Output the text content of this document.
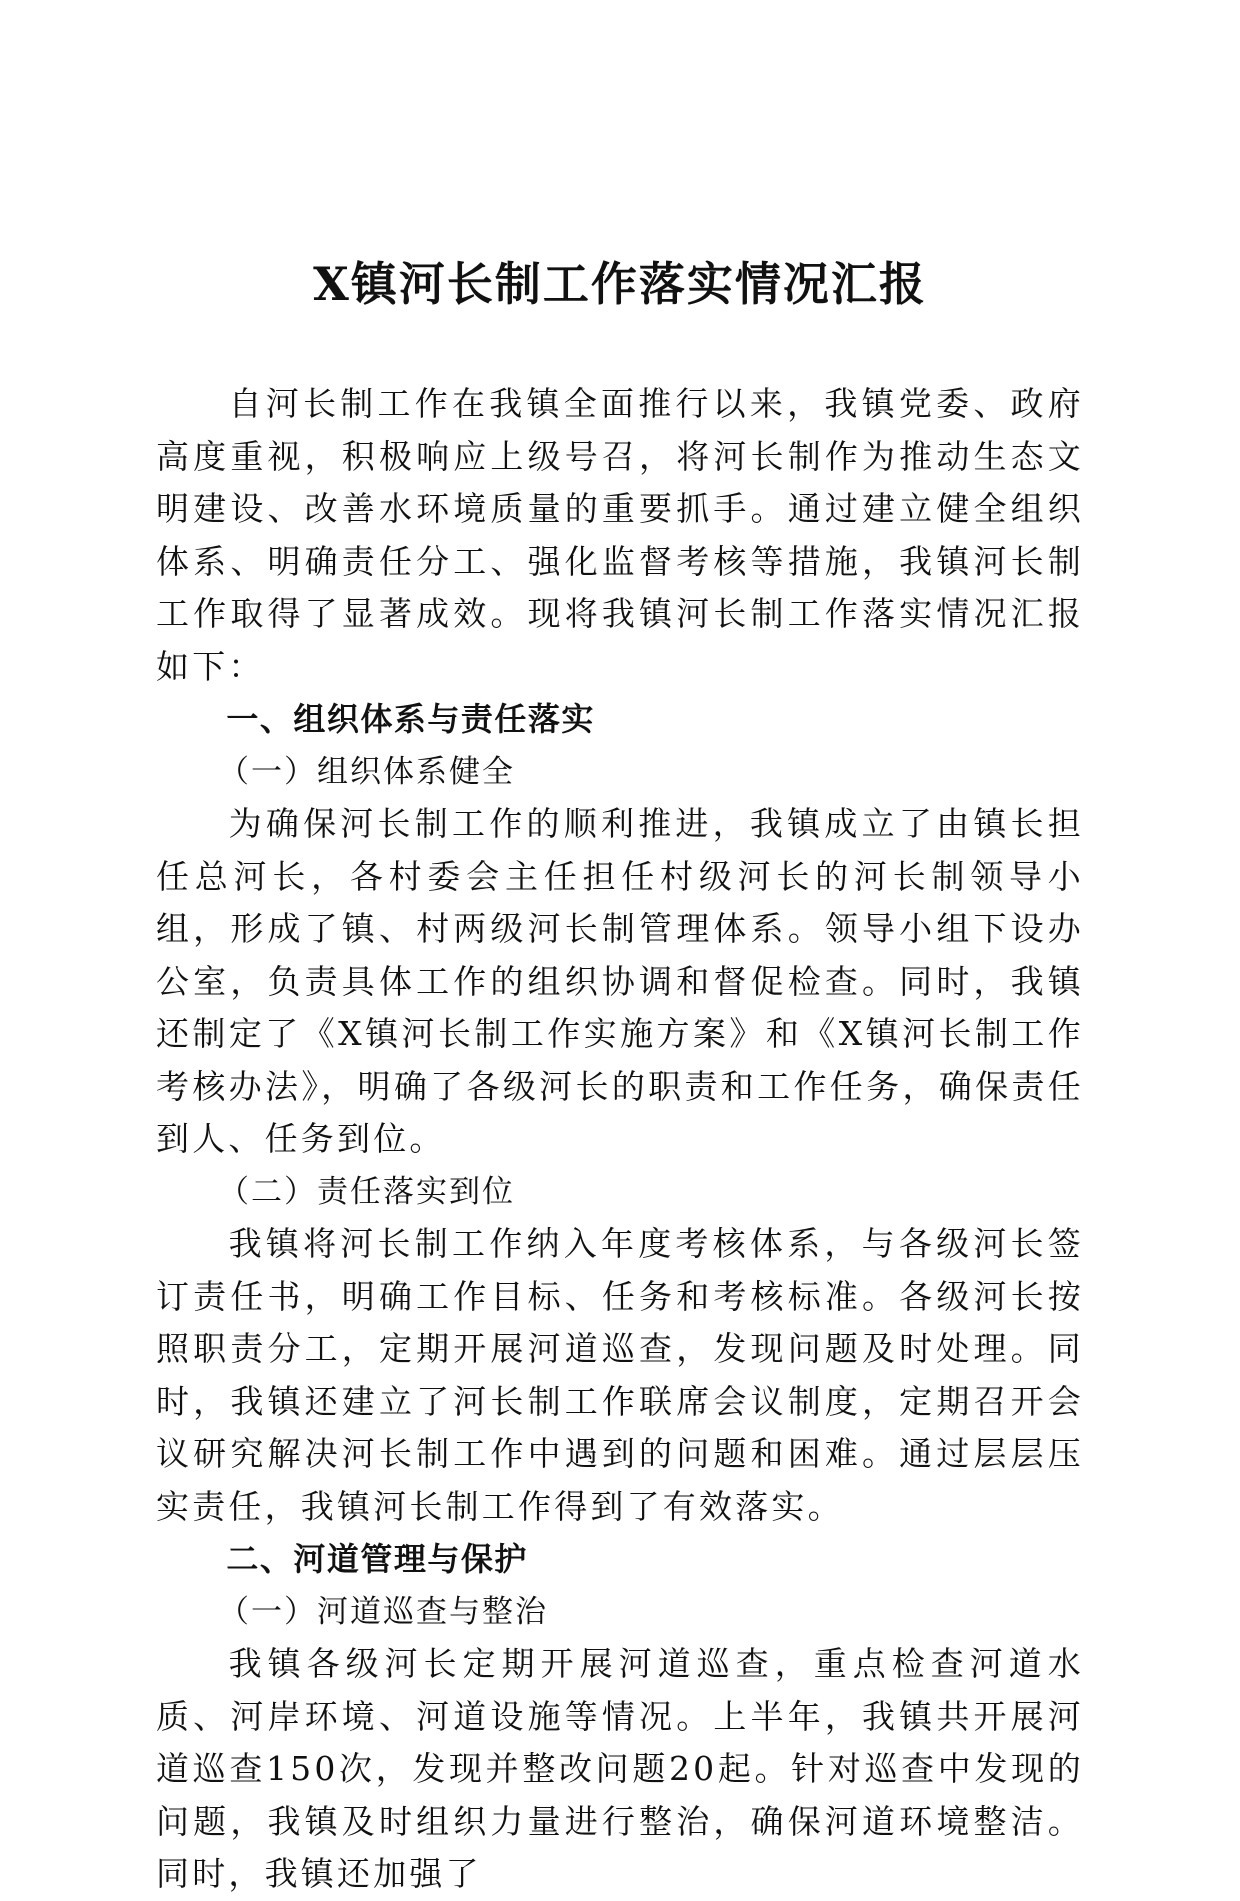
X镇河长制工作落实情况汇报

自河长制工作在我镇全面推行以来，我镇党委、政府高度重视，积极响应上级号召，将河长制作为推动生态文明建设、改善水环境质量的重要抓手。通过建立健全组织体系、明确责任分工、强化监督考核等措施，我镇河长制工作取得了显著成效。现将我镇河长制工作落实情况汇报如下：

一、组织体系与责任落实

（一）组织体系健全

为确保河长制工作的顺利推进，我镇成立了由镇长担任总河长，各村委会主任担任村级河长的河长制领导小组，形成了镇、村两级河长制管理体系。领导小组下设办公室，负责具体工作的组织协调和督促检查。同时，我镇还制定了《X镇河长制工作实施方案》和《X镇河长制工作考核办法》，明确了各级河长的职责和工作任务，确保责任到人、任务到位。

（二）责任落实到位

我镇将河长制工作纳入年度考核体系，与各级河长签订责任书，明确工作目标、任务和考核标准。各级河长按照职责分工，定期开展河道巡查，发现问题及时处理。同时，我镇还建立了河长制工作联席会议制度，定期召开会议研究解决河长制工作中遇到的问题和困难。通过层层压实责任，我镇河长制工作得到了有效落实。

二、河道管理与保护

（一）河道巡查与整治

我镇各级河长定期开展河道巡查，重点检查河道水质、河岸环境、河道设施等情况。上半年，我镇共开展河道巡查150次，发现并整改问题20起。针对巡查中发现的问题，我镇及时组织力量进行整治，确保河道环境整洁。同时，我镇还加强了
